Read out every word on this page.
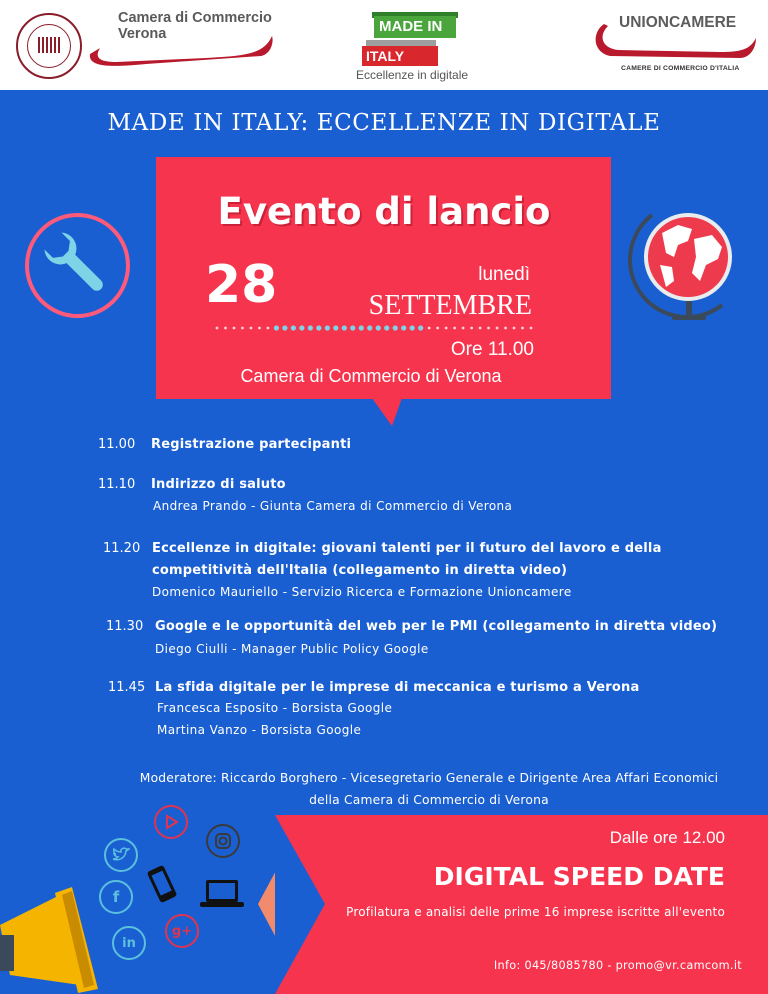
Camera di Commercio
Verona	MADE IN
ITALY
Eccellenze in digitale
UNIONCAMERE
CAMERE DI COMMERCIO D'ITALIA
MADE IN ITALY: ECCELLENZE IN DIGITALE
Evento di lancio
28	lunedì
SETTEMBRE
Ore 11.00
Camera di Commercio di Verona
11.00 Registrazione partecipanti
11.10 Indirizzo di saluto
Andrea Prando - Giunta Camera di Commercio di Verona
11.20 Eccellenze in digitale: giovani talenti per il futuro del lavoro e della
competitività dell'Italia (collegamento in diretta video)
Domenico Mauriello - Servizio Ricerca e Formazione Unioncamere
11.30 Google e le opportunità del web per le PMI (collegamento in diretta video)
Diego Ciulli - Manager Public Policy Google
11.45 La sfida digitale per le imprese di meccanica e turismo a Verona
Francesca Esposito - Borsista Google
Martina Vanzo - Borsista Google
Moderatore: Riccardo Borghero - Vicesegretario Generale e Dirigente Area Affari Economici
della Camera di Commercio di Verona
Dalle ore 12.00
DIGITAL SPEED DATE
Profilatura e analisi delle prime 16 imprese iscritte all'evento
Info: 045/8085780 - promo@vr.camcom.it
f
in
g+
